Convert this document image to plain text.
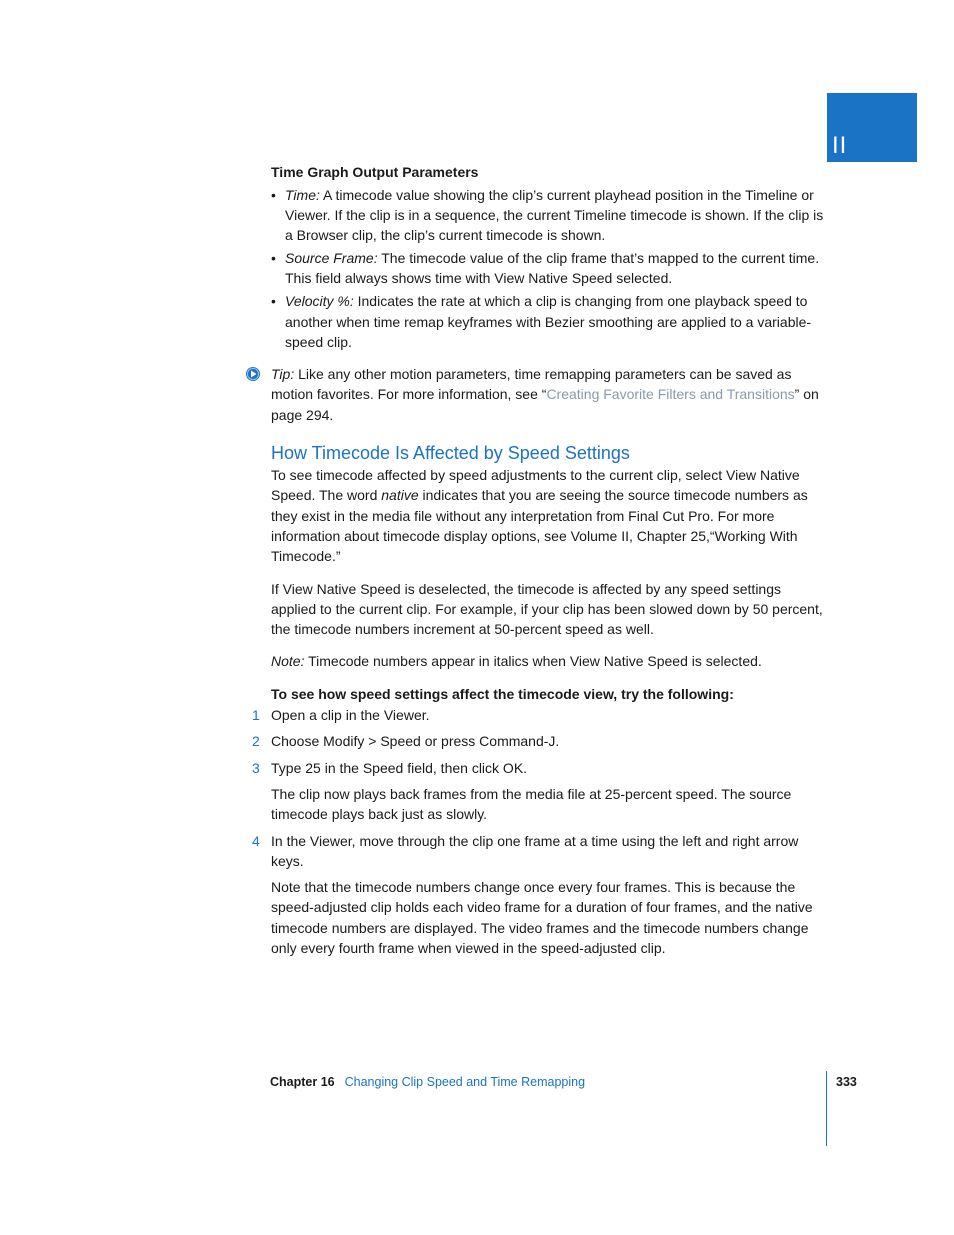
II

Time Graph Output Parameters

• Time: A timecode value showing the clip’s current playhead position in the Timeline or Viewer. If the clip is in a sequence, the current Timeline timecode is shown. If the clip is a Browser clip, the clip’s current timecode is shown.
• Source Frame: The timecode value of the clip frame that’s mapped to the current time. This field always shows time with View Native Speed selected.
• Velocity %: Indicates the rate at which a clip is changing from one playback speed to another when time remap keyframes with Bezier smoothing are applied to a variable-speed clip.
Tip: Like any other motion parameters, time remapping parameters can be saved as motion favorites. For more information, see “Creating Favorite Filters and Transitions” on page 294.
How Timecode Is Affected by Speed Settings

To see timecode affected by speed adjustments to the current clip, select View Native Speed. The word native indicates that you are seeing the source timecode numbers as they exist in the media file without any interpretation from Final Cut Pro. For more information about timecode display options, see Volume II, Chapter 25,“Working With Timecode.”

If View Native Speed is deselected, the timecode is affected by any speed settings applied to the current clip. For example, if your clip has been slowed down by 50 percent, the timecode numbers increment at 50-percent speed as well.

Note: Timecode numbers appear in italics when View Native Speed is selected.

To see how speed settings affect the timecode view, try the following:

1 Open a clip in the Viewer.
2 Choose Modify > Speed or press Command-J.
3 Type 25 in the Speed field, then click OK.

The clip now plays back frames from the media file at 25-percent speed. The source timecode plays back just as slowly.

4 In the Viewer, move through the clip one frame at a time using the left and right arrow keys.

Note that the timecode numbers change once every four frames. This is because the speed-adjusted clip holds each video frame for a duration of four frames, and the native timecode numbers are displayed. The video frames and the timecode numbers change only every fourth frame when viewed in the speed-adjusted clip.

Chapter 16 Changing Clip Speed and Time Remapping	333
